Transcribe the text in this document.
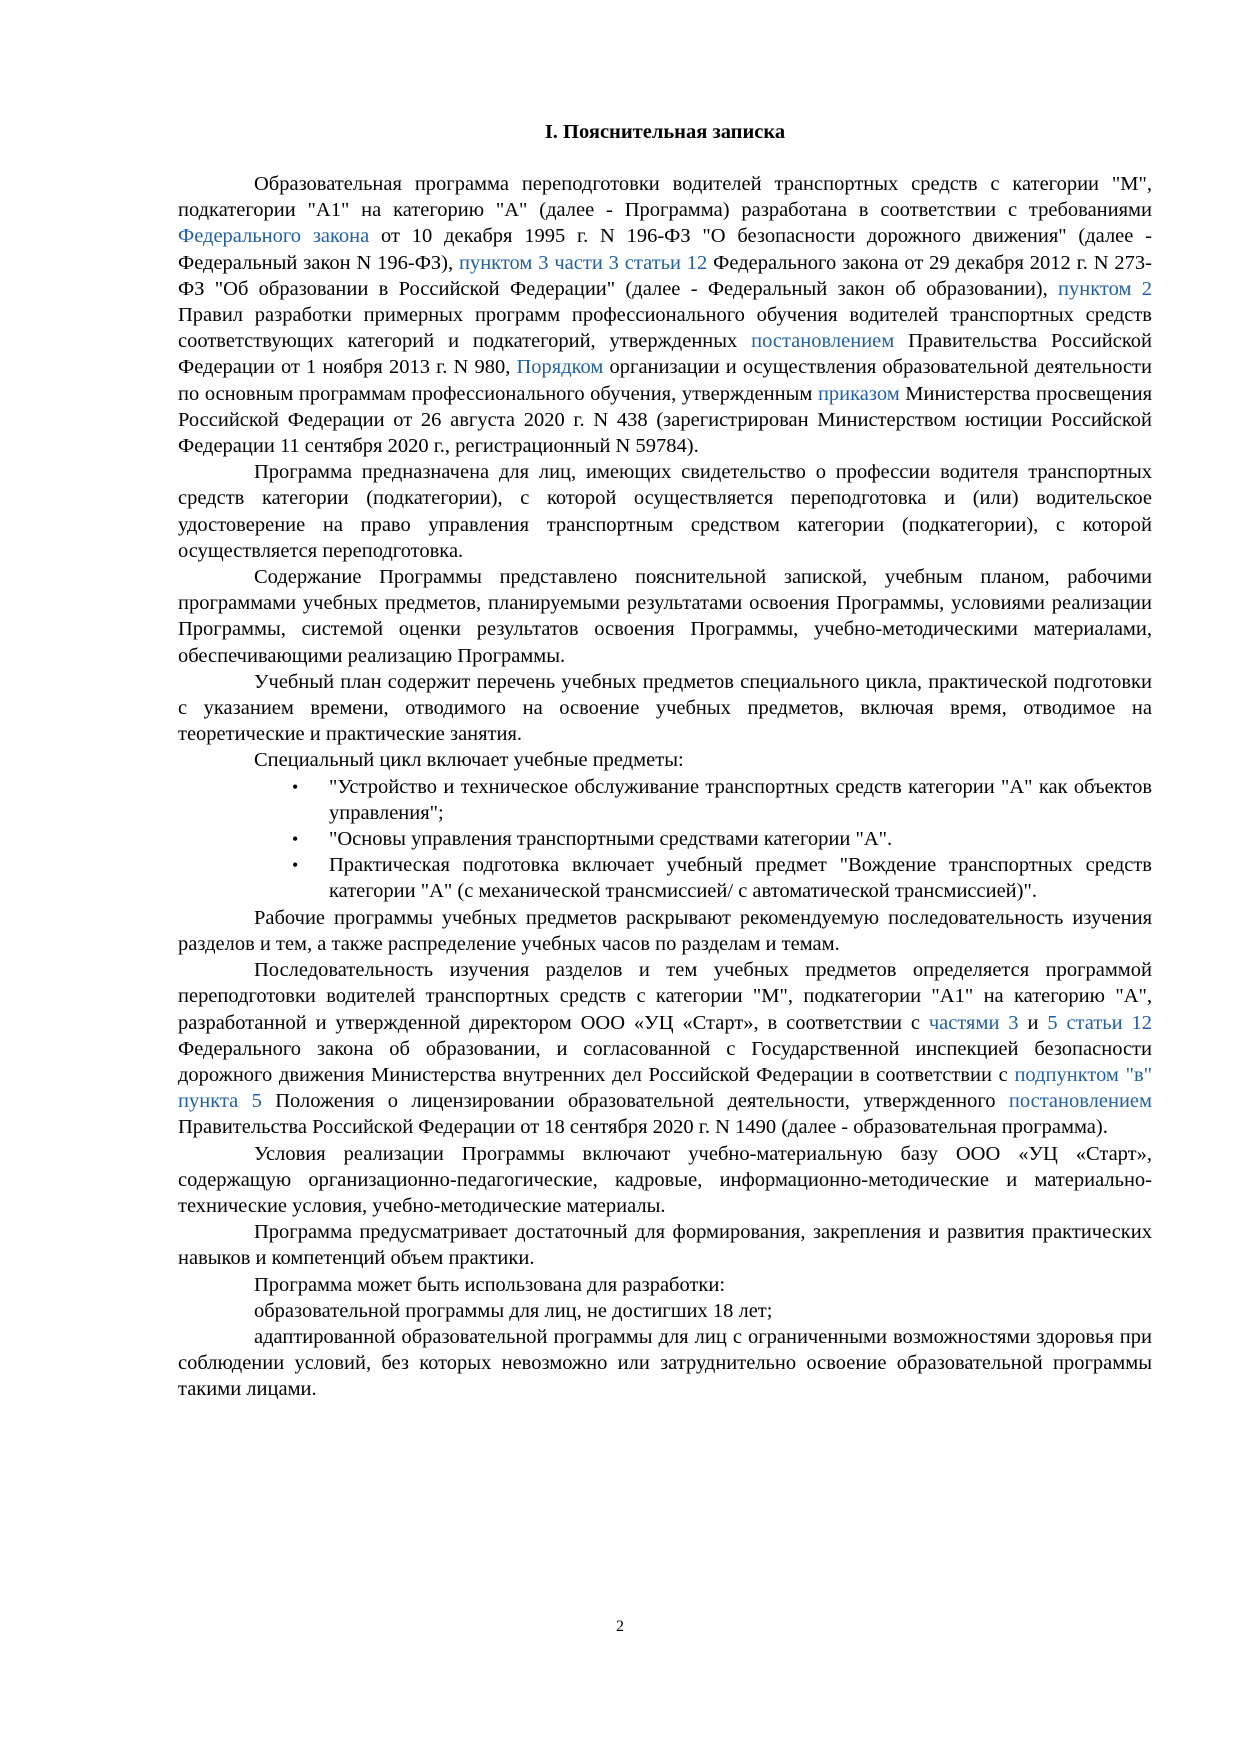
I. Пояснительная записка

Образовательная программа переподготовки водителей транспортных средств с категории "М", подкатегории "А1" на категорию "А" (далее - Программа) разработана в соответствии с требованиями Федерального закона от 10 декабря 1995 г. N 196-ФЗ "О безопасности дорожного движения" (далее - Федеральный закон N 196-ФЗ), пунктом 3 части 3 статьи 12 Федерального закона от 29 декабря 2012 г. N 273-ФЗ "Об образовании в Российской Федерации" (далее - Федеральный закон об образовании), пунктом 2 Правил разработки примерных программ профессионального обучения водителей транспортных средств соответствующих категорий и подкатегорий, утвержденных постановлением Правительства Российской Федерации от 1 ноября 2013 г. N 980, Порядком организации и осуществления образовательной деятельности по основным программам профессионального обучения, утвержденным приказом Министерства просвещения Российской Федерации от 26 августа 2020 г. N 438 (зарегистрирован Министерством юстиции Российской Федерации 11 сентября 2020 г., регистрационный N 59784).

Программа предназначена для лиц, имеющих свидетельство о профессии водителя транспортных средств категории (подкатегории), с которой осуществляется переподготовка и (или) водительское удостоверение на право управления транспортным средством категории (подкатегории), с которой осуществляется переподготовка.

Содержание Программы представлено пояснительной запиской, учебным планом, рабочими программами учебных предметов, планируемыми результатами освоения Программы, условиями реализации Программы, системой оценки результатов освоения Программы, учебно-методическими материалами, обеспечивающими реализацию Программы.

Учебный план содержит перечень учебных предметов специального цикла, практической подготовки с указанием времени, отводимого на освоение учебных предметов, включая время, отводимое на теоретические и практические занятия.

Специальный цикл включает учебные предметы:

• "Устройство и техническое обслуживание транспортных средств категории "А" как объектов управления";
• "Основы управления транспортными средствами категории "А".
• Практическая подготовка включает учебный предмет "Вождение транспортных средств категории "А" (с механической трансмиссией/ с автоматической трансмиссией)".

Рабочие программы учебных предметов раскрывают рекомендуемую последовательность изучения разделов и тем, а также распределение учебных часов по разделам и темам.

Последовательность изучения разделов и тем учебных предметов определяется программой переподготовки водителей транспортных средств с категории "М", подкатегории "А1" на категорию "А", разработанной и утвержденной директором ООО «УЦ «Старт», в соответствии с частями 3 и 5 статьи 12 Федерального закона об образовании, и согласованной с Государственной инспекцией безопасности дорожного движения Министерства внутренних дел Российской Федерации в соответствии с подпунктом "в" пункта 5 Положения о лицензировании образовательной деятельности, утвержденного постановлением Правительства Российской Федерации от 18 сентября 2020 г. N 1490 (далее - образовательная программа).

Условия реализации Программы включают учебно-материальную базу ООО «УЦ «Старт», содержащую организационно-педагогические, кадровые, информационно-методические и материально-технические условия, учебно-методические материалы.

Программа предусматривает достаточный для формирования, закрепления и развития практических навыков и компетенций объем практики.

Программа может быть использована для разработки:

образовательной программы для лиц, не достигших 18 лет;

адаптированной образовательной программы для лиц с ограниченными возможностями здоровья при соблюдении условий, без которых невозможно или затруднительно освоение образовательной программы такими лицами.

2
